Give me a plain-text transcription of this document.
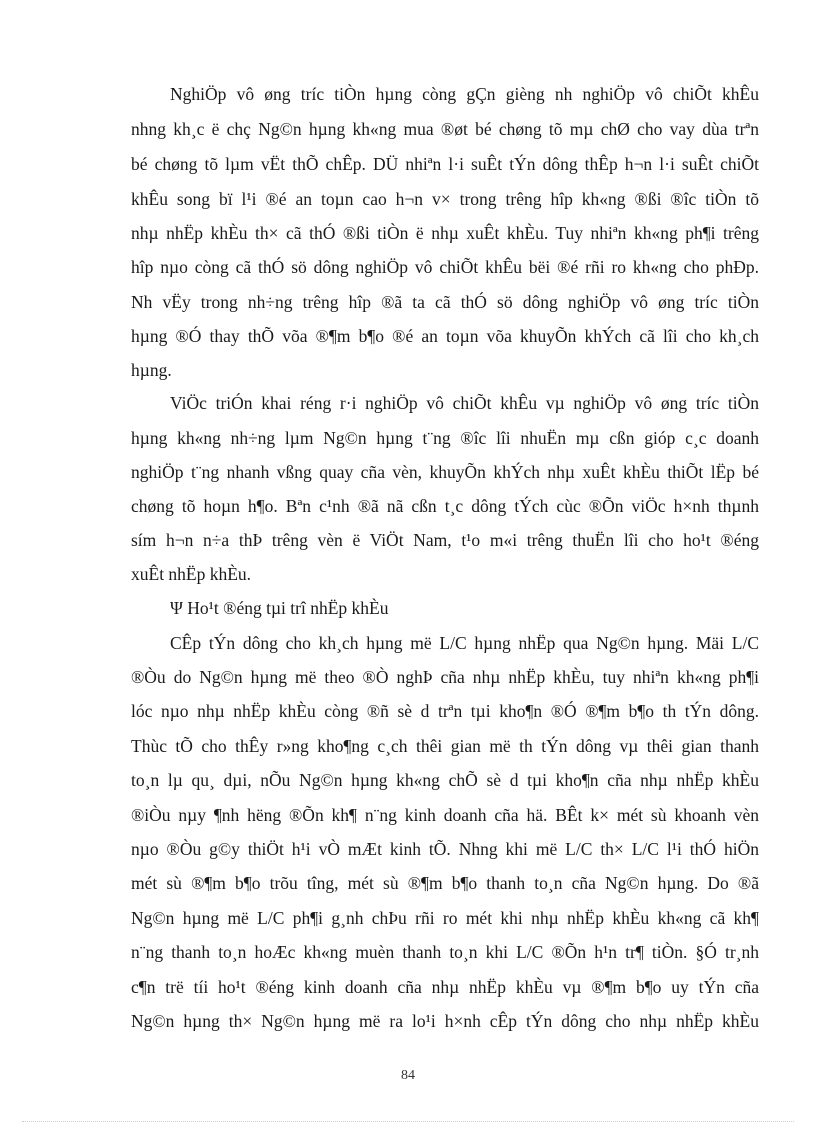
NghiÖp vô øng tríc tiÒn hµng còng gÇn gièng nh nghiÖp vô chiÕt khÊu
nhng kh¸c ë chç Ng©n hµng kh«ng mua ®øt bé chøng tõ mµ chØ cho vay dùa trªn
bé chøng tõ lµm vËt thÕ chÊp. DÜ nhiªn l·i suÊt tÝn dông thÊp h¬n l·i suÊt chiÕt
khÊu song bï l¹i ®é an toµn cao h¬n v× trong trêng hîp kh«ng ®ßi ®îc tiÒn tõ
nhµ nhËp khÈu th× cã thÓ ®ßi tiÒn ë nhµ xuÊt khÈu. Tuy nhiªn kh«ng ph¶i trêng
hîp nµo còng cã thÓ sö dông nghiÖp vô chiÕt khÊu bëi ®é rñi ro kh«ng cho phÐp.
Nh vËy trong nh÷ng trêng hîp ®ã ta cã thÓ sö dông nghiÖp vô øng tríc tiÒn
hµng ®Ó thay thÕ võa ®¶m b¶o ®é an toµn võa khuyÕn khÝch cã lîi cho kh¸ch
hµng.
ViÖc triÓn khai réng r·i nghiÖp vô chiÕt khÊu vµ nghiÖp vô øng tríc tiÒn
hµng kh«ng nh÷ng lµm Ng©n hµng t¨ng ®îc lîi nhuËn mµ cßn gióp c¸c doanh
nghiÖp t¨ng nhanh vßng quay cña vèn, khuyÕn khÝch nhµ xuÊt khÈu thiÕt lËp bé
chøng tõ hoµn h¶o. Bªn c¹nh ®ã nã cßn t¸c dông tÝch cùc ®Õn viÖc h×nh thµnh
sím h¬n n÷a thÞ trêng vèn ë ViÖt Nam, t¹o m«i trêng thuËn lîi cho ho¹t ®éng
xuÊt nhËp khÈu.
Ψ Ho¹t ®éng tµi trî nhËp khÈu
CÊp tÝn dông cho kh¸ch hµng më L/C hµng nhËp qua Ng©n hµng. Mäi L/C
®Òu do Ng©n hµng më theo ®Ò nghÞ cña nhµ nhËp khÈu, tuy nhiªn kh«ng ph¶i
lóc nµo nhµ nhËp khÈu còng ®ñ sè d trªn tµi kho¶n ®Ó ®¶m b¶o th tÝn dông.
Thùc tÕ cho thÊy r»ng kho¶ng c¸ch thêi gian më th tÝn dông vµ thêi gian thanh
to¸n lµ qu¸ dµi, nÕu Ng©n hµng kh«ng chÕ sè d tµi kho¶n cña nhµ nhËp khÈu
®iÒu nµy ¶nh hëng ®Õn kh¶ n¨ng kinh doanh cña hä. BÊt k× mét sù khoanh vèn
nµo ®Òu g©y thiÖt h¹i vÒ mÆt kinh tÕ. Nhng khi më L/C th× L/C l¹i thÓ hiÖn
mét sù ®¶m b¶o trõu tîng, mét sù ®¶m b¶o thanh to¸n cña Ng©n hµng. Do ®ã
Ng©n hµng më L/C ph¶i g¸nh chÞu rñi ro mét khi nhµ nhËp khÈu kh«ng cã kh¶
n¨ng thanh to¸n hoÆc kh«ng muèn thanh to¸n khi L/C ®Õn h¹n tr¶ tiÒn. §Ó tr¸nh
c¶n trë tíi ho¹t ®éng kinh doanh cña nhµ nhËp khÈu vµ ®¶m b¶o uy tÝn cña
Ng©n hµng th× Ng©n hµng më ra lo¹i h×nh cÊp tÝn dông cho nhµ nhËp khÈu
84
